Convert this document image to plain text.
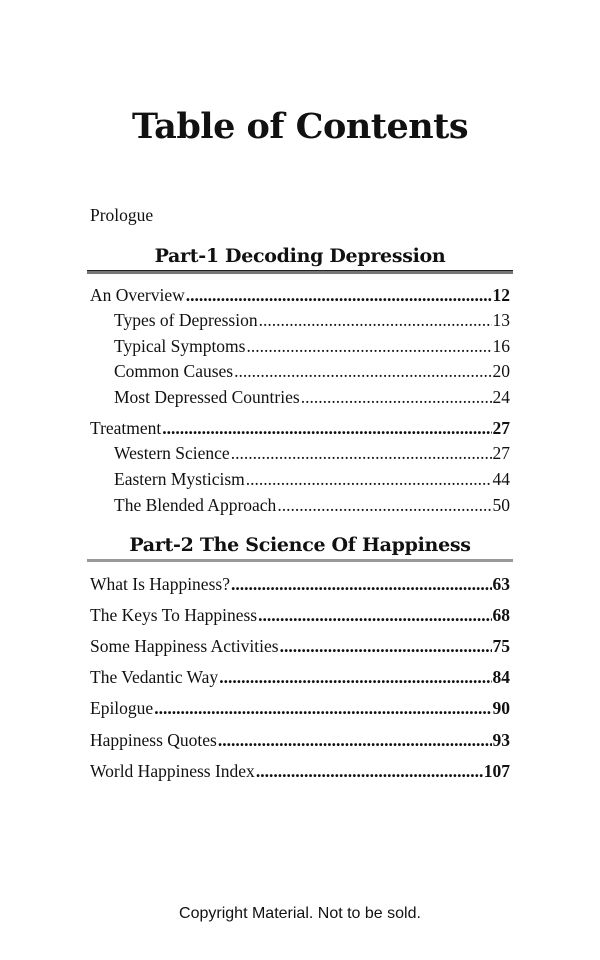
Table of Contents
Prologue
Part-1 Decoding Depression
An Overview .....	12
Types of Depression .....	13
Typical Symptoms .....	16
Common Causes .....	20
Most Depressed Countries .....	24
Treatment .....	27
Western Science .....	27
Eastern Mysticism .....	44
The Blended Approach .....	50
Part-2 The Science Of Happiness
What Is Happiness? .....	63
The Keys To Happiness .....	68
Some Happiness Activities .....	75
The Vedantic Way .....	84
Epilogue .....	90
Happiness Quotes .....	93
World Happiness Index .....	107
Copyright Material. Not to be sold.
